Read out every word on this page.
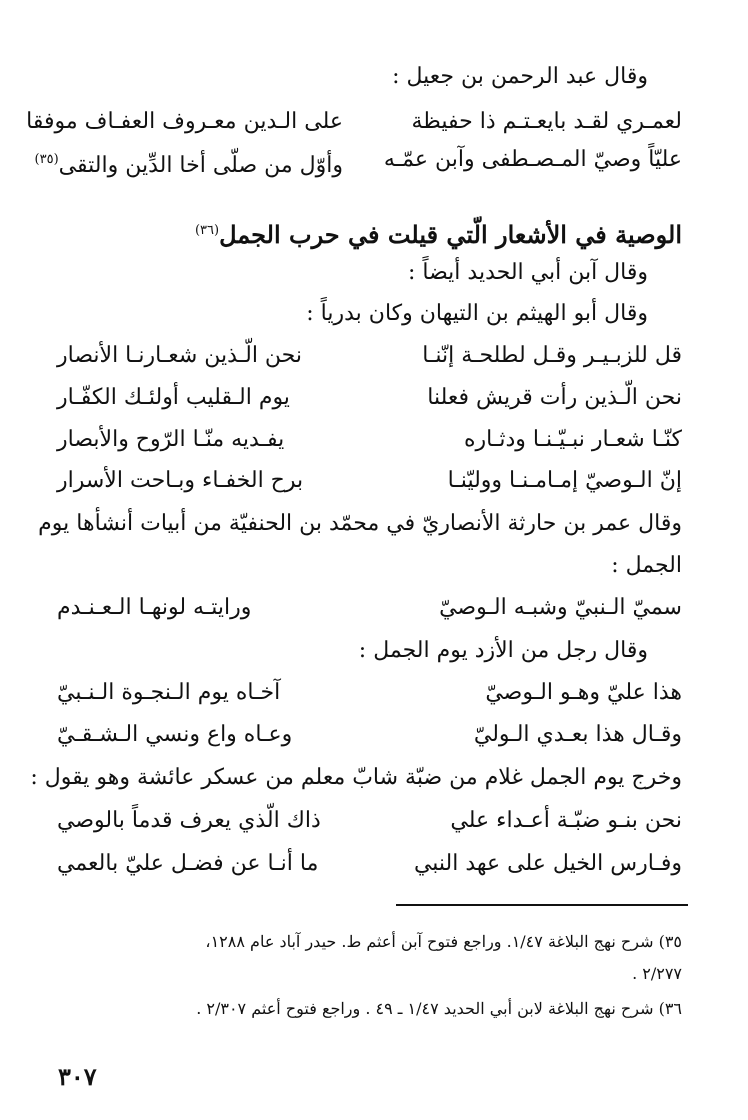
وقال عبد الرحمن بن جعيل :
لعمـري لقـد بايعـتـم ذا حفيظة
على الـدين معـروف العفـاف موفقا
عليّاً وصيّ المـصـطفى وآبن عمّـه
وأوّل من صلّى أخا الدِّين والتقى$^{(٣٥)}$
الوصية في الأشعار الّتي قيلت في حرب الجمل$^{(٣٦)}$
وقال آبن أبي الحديد أيضاً :
وقال أبو الهيثم بن التيهان وكان بدرياً :
قل للزبـيـر وقـل لطلحـة إنّنـا
نحن الّـذين شعـارنـا الأنصار
نحن الّـذين رأت قريش فعلنا
يوم الـقليب أولئـك الكفّـار
كنّـا شعـار نبـيّـنـا ودثـاره
يفـديه منّـا الرّوح والأبصار
إنّ الـوصيّ إمـامـنـا ووليّنـا
برح الخفـاء وبـاحت الأسرار
وقال عمر بن حارثة الأنصاريّ في محمّد بن الحنفيّة من أبيات أنشأها يوم
الجمل :
سميّ الـنبيّ وشبـه الـوصيّ
ورايتـه لونهـا الـعـنـدم
وقال رجل من الأزد يوم الجمل :
هذا عليّ وهـو الـوصيّ
آخـاه يوم الـنجـوة الـنـبيّ
وقـال هذا بعـدي الـوليّ
وعـاه واع ونسي الـشـقـيّ
وخرج يوم الجمل غلام من ضبّة شابّ معلم من عسكر عائشة وهو يقول :
نحن بنـو ضبّـة أعـداء علي
ذاك الّذي يعرف قدماً بالوصي
وفـارس الخيل على عهد النبي
ما أنـا عن فضـل عليّ بالعمي
٣٥) شرح نهج البلاغة ١/٤٧. وراجع فتوح آبن أعثم ط. حيدر آباد عام ١٢٨٨،
٢/٢٧٧ .
٣٦) شرح نهج البلاغة لابن أبي الحديد ١/٤٧ ـ ٤٩ . وراجع فتوح أعثم ٢/٣٠٧ .
٣٠٧
